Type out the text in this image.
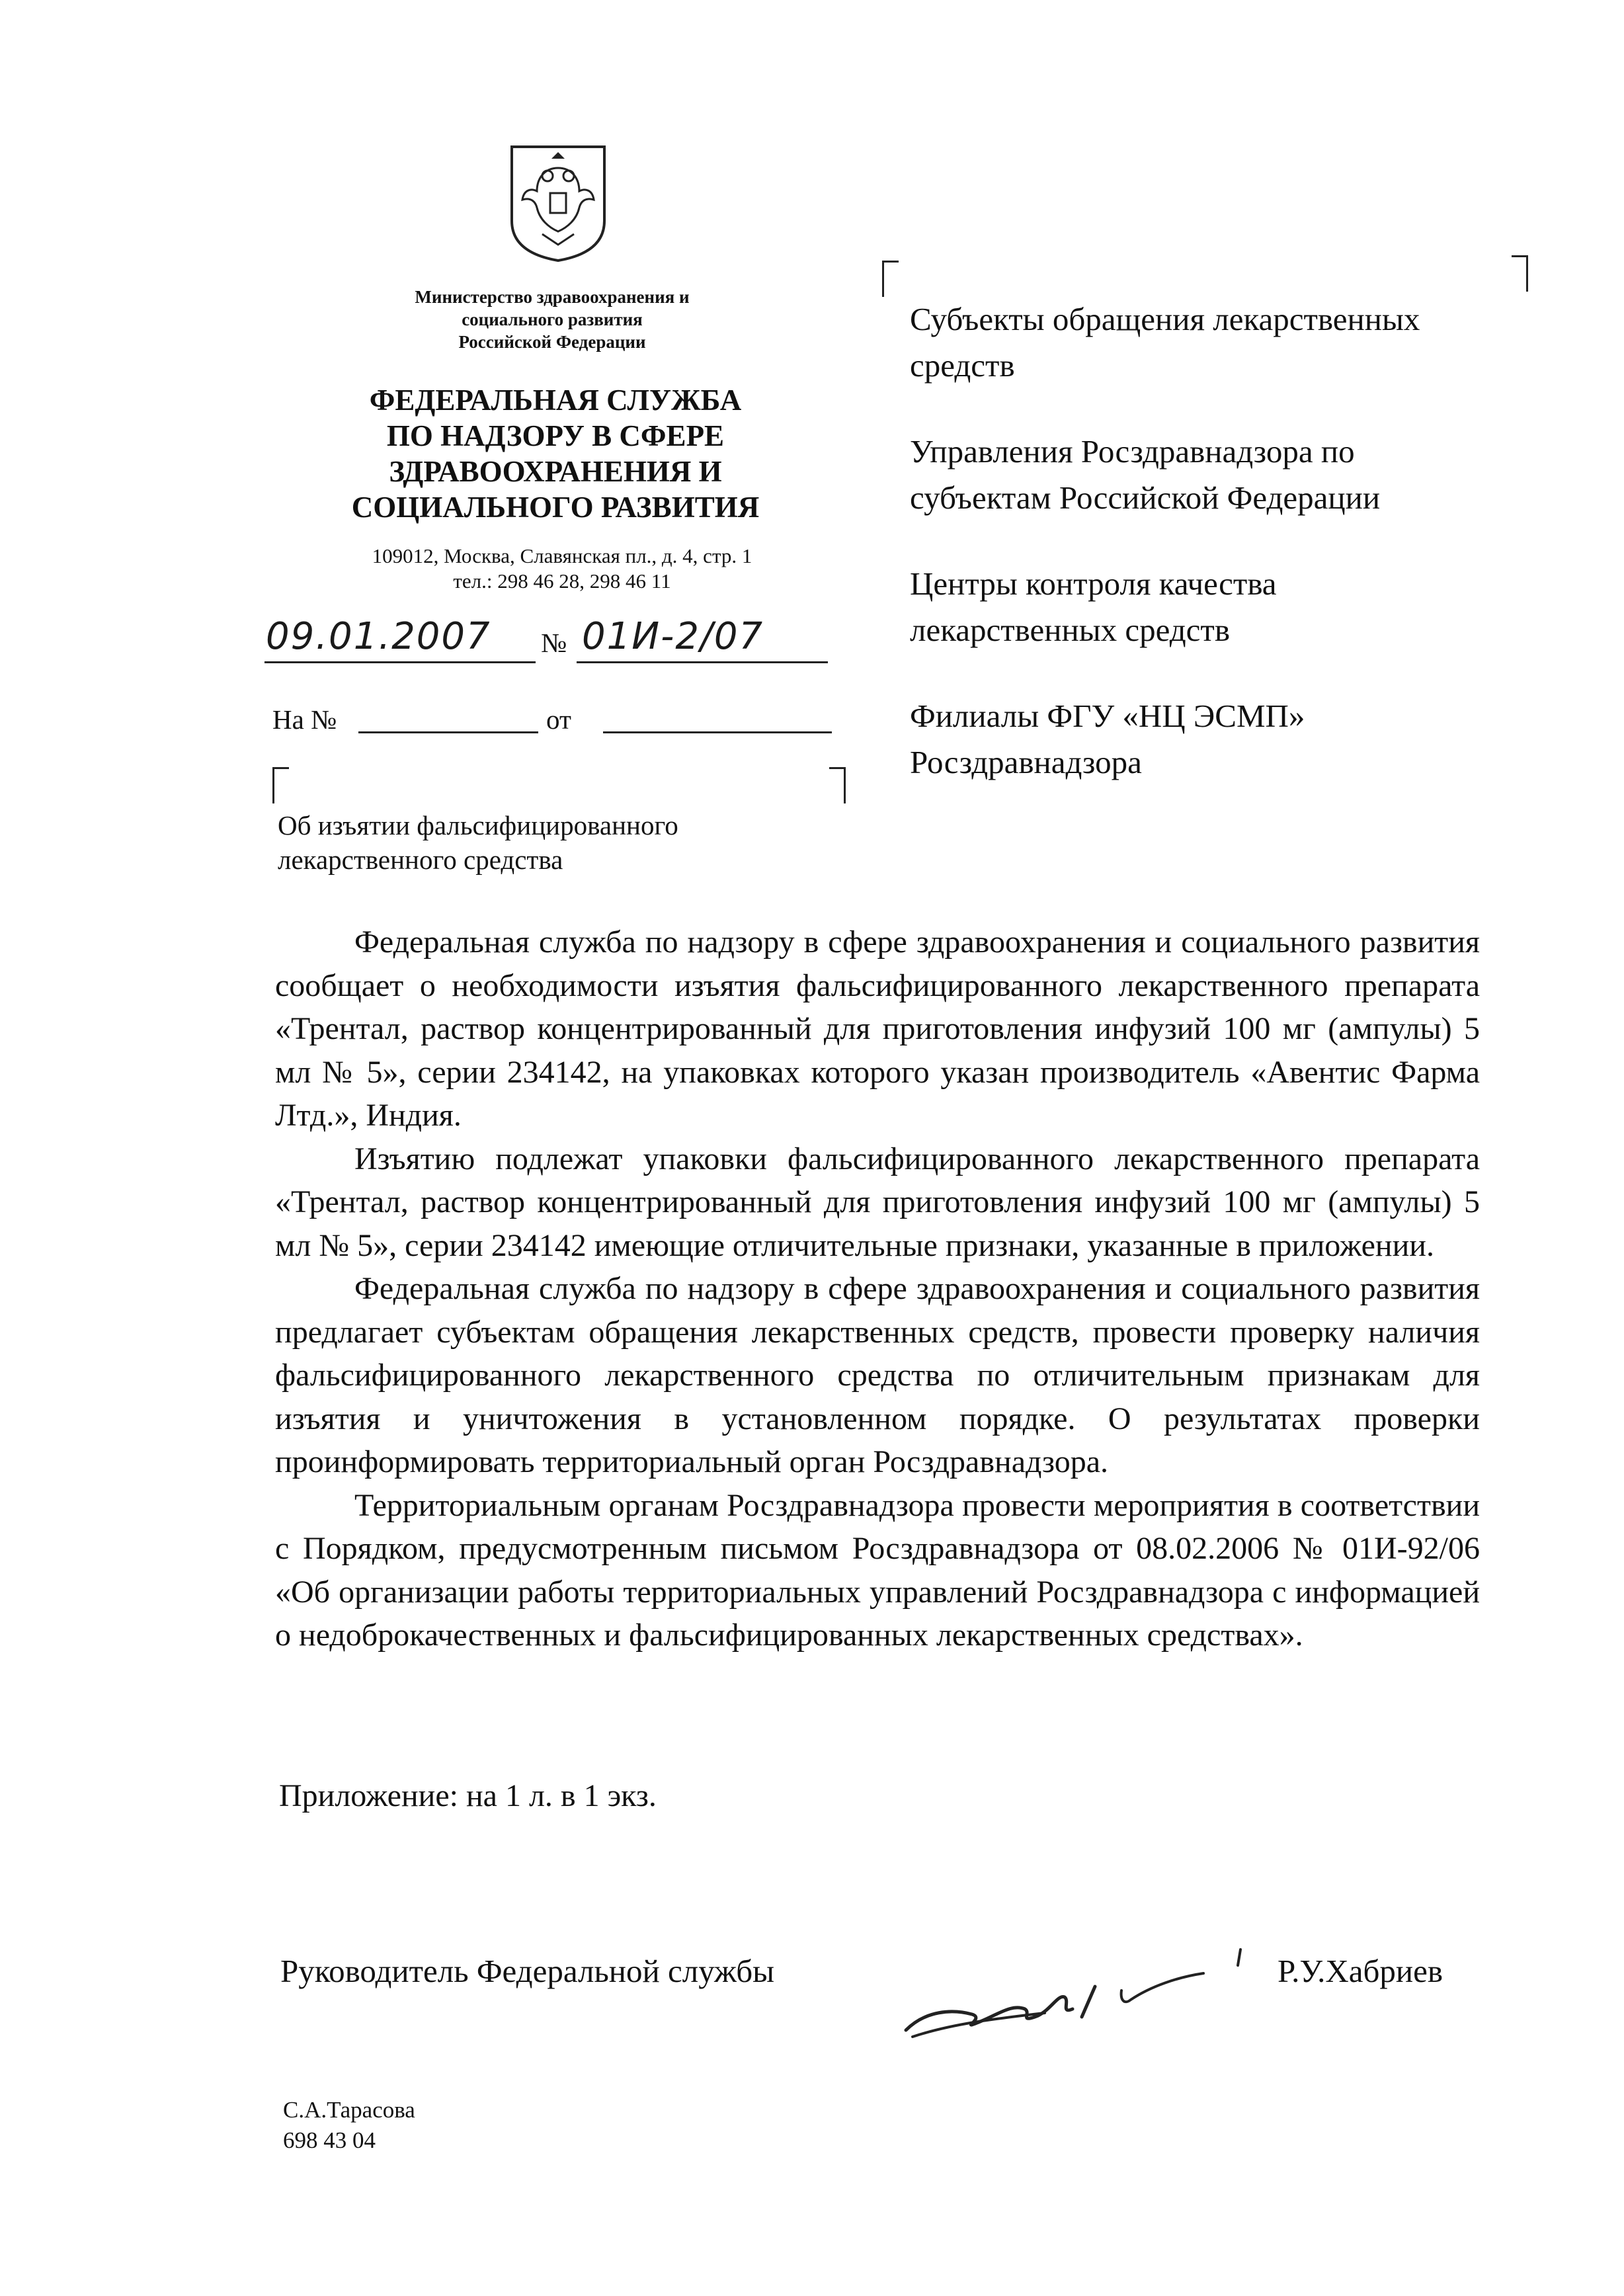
Министерство здравоохранения и
социального развития
Российской Федерации
ФЕДЕРАЛЬНАЯ СЛУЖБА
ПО НАДЗОРУ В СФЕРЕ
ЗДРАВООХРАНЕНИЯ И
СОЦИАЛЬНОГО РАЗВИТИЯ
109012, Москва, Славянская пл., д. 4, стр. 1
тел.: 298 46 28, 298 46 11
09.01.2007 № 01И-2/07
На №	от
Об изъятии фальсифицированного
лекарственного средства
Субъекты обращения лекарственных
средств
Управления Росздравнадзора по
субъектам Российской Федерации
Центры контроля качества
лекарственных средств
Филиалы ФГУ «НЦ ЭСМП»
Росздравнадзора

Федеральная служба по надзору в сфере здравоохранения и социального развития сообщает о необходимости изъятия фальсифицированного лекарственного препарата «Трентал, раствор концентрированный для приготовления инфузий 100 мг (ампулы) 5 мл № 5», серии 234142, на упаковках которого указан производитель «Авентис Фарма Лтд.», Индия.

Изъятию подлежат упаковки фальсифицированного лекарственного препарата «Трентал, раствор концентрированный для приготовления инфузий 100 мг (ампулы) 5 мл № 5», серии 234142 имеющие отличительные признаки, указанные в приложении.

Федеральная служба по надзору в сфере здравоохранения и социального развития предлагает субъектам обращения лекарственных средств, провести проверку наличия фальсифицированного лекарственного средства по отличительным признакам для изъятия и уничтожения в установленном порядке. О результатах проверки проинформировать территориальный орган Росздравнадзора.

Территориальным органам Росздравнадзора провести мероприятия в соответствии с Порядком, предусмотренным письмом Росздравнадзора от 08.02.2006 № 01И-92/06 «Об организации работы территориальных управлений Росздравнадзора с информацией о недоброкачественных и фальсифицированных лекарственных средствах».

Приложение: на 1 л. в 1 экз.
Руководитель Федеральной службы	Р.У.Хабриев
С.А.Тарасова
698 43 04
